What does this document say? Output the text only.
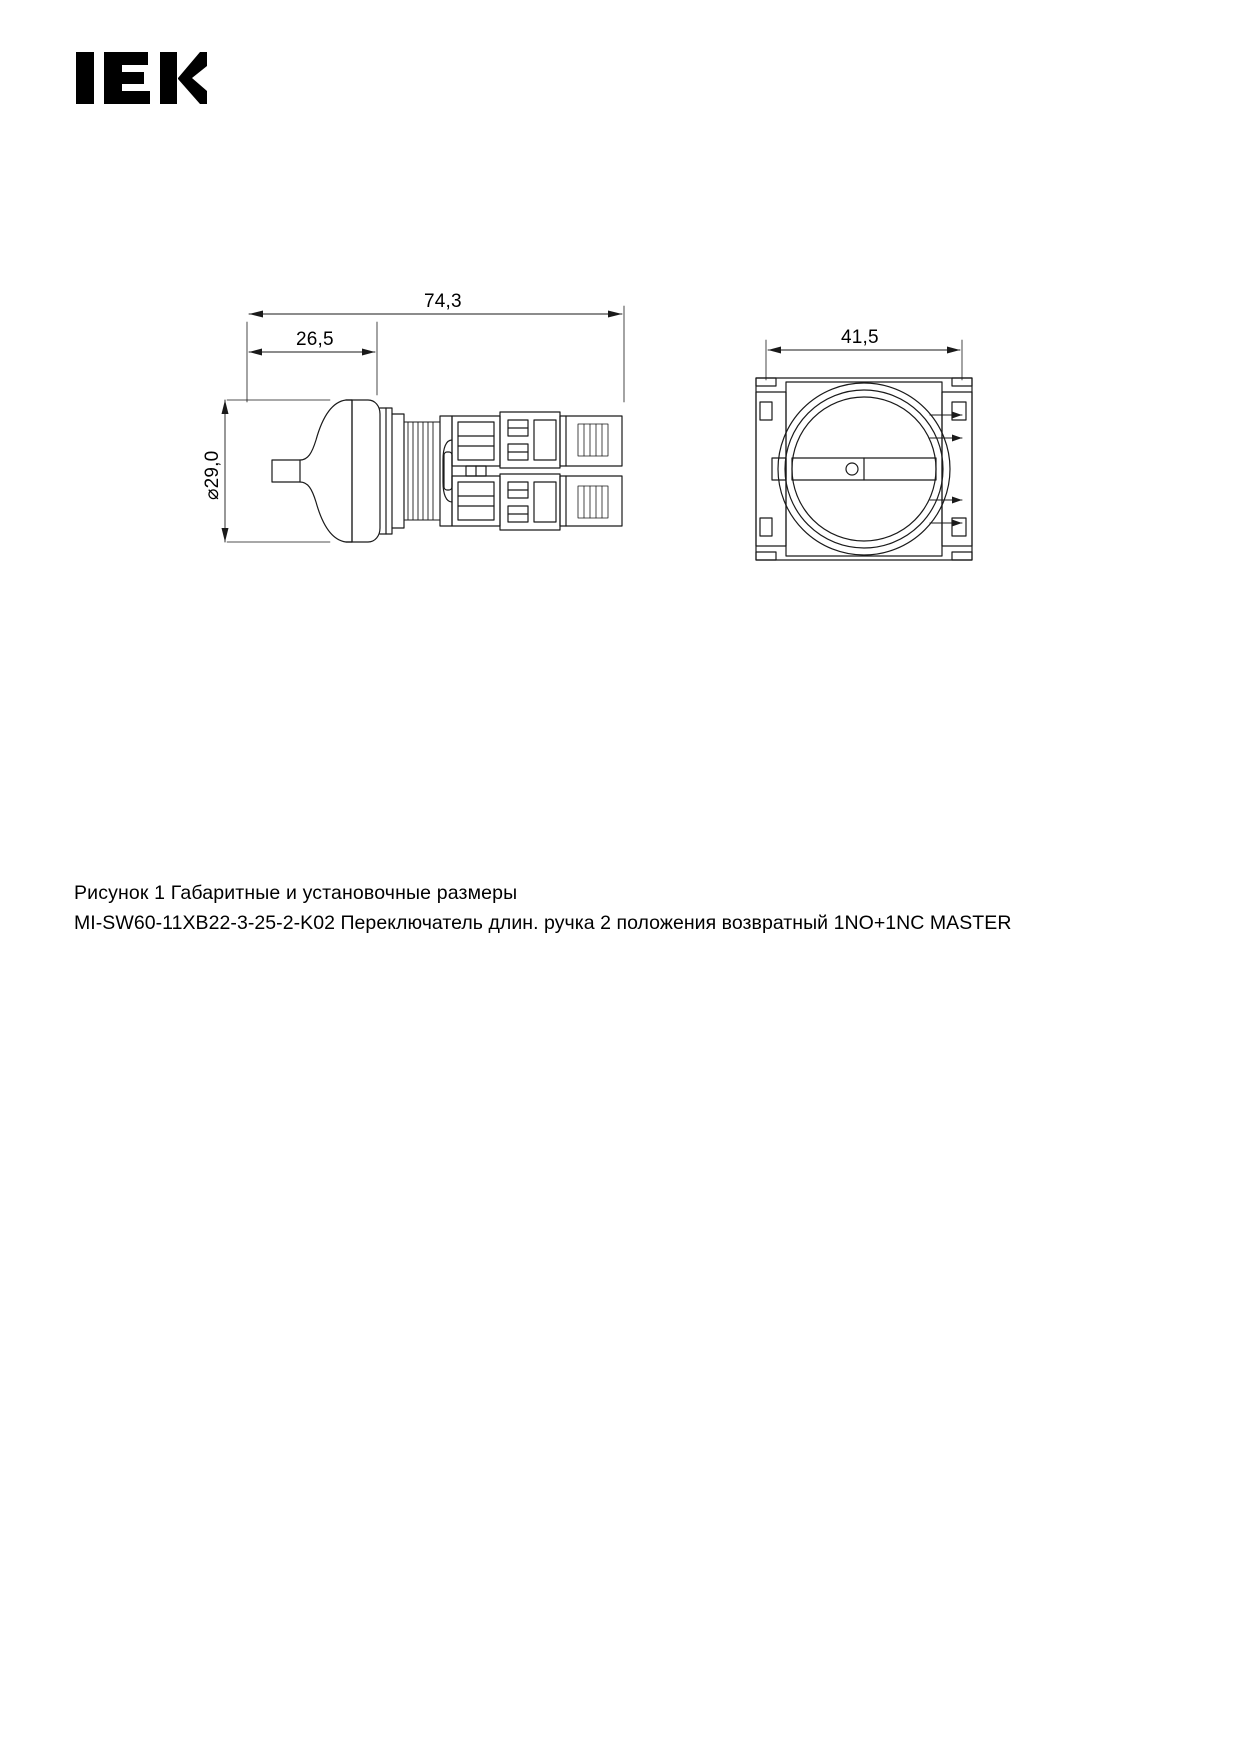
74,3
26,5
⌀29,0
41,5
Рисунок 1 Габаритные и установочные размеры
MI-SW60-11XB22-3-25-2-K02 Переключатель длин. ручка 2 положения возвратный 1NO+1NC MASTER
